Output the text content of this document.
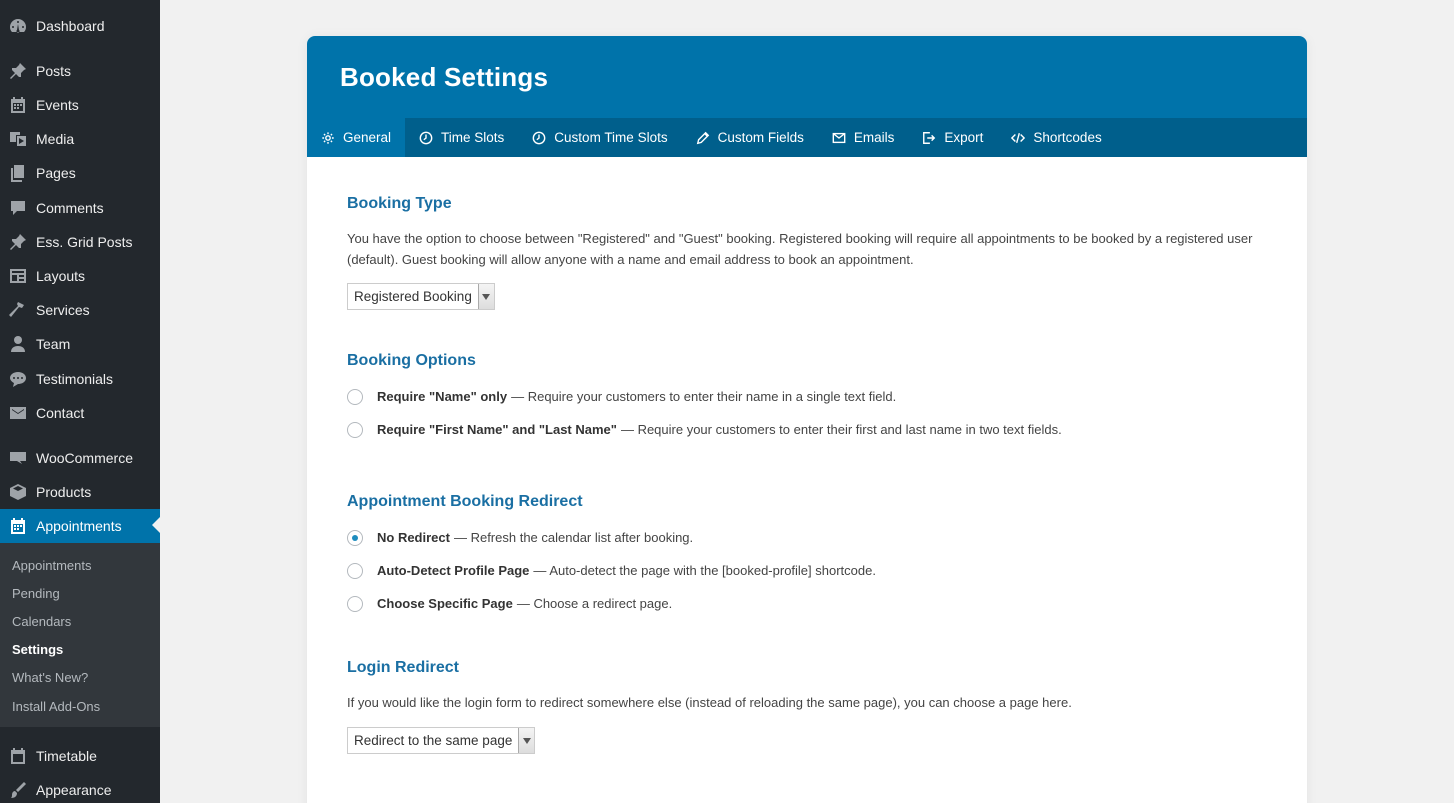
Dashboard
Posts
Events
Media
Pages
Comments
Ess. Grid Posts
Layouts
Services
Team
Testimonials
Contact
WooCommerce
Products
Appointments
Appointments
Pending
Calendars
Settings
What's New?
Install Add-Ons
Timetable
Appearance
Booked Settings
General	Time Slots	Custom Time Slots	Custom Fields	Emails	Export	Shortcodes
Booking Type

You have the option to choose between "Registered" and "Guest" booking. Registered booking will require all appointments to be booked by a registered user (default). Guest booking will allow anyone with a name and email address to book an appointment.

Registered Booking
Booking Options
Require "Name" only — Require your customers to enter their name in a single text field.
Require "First Name" and "Last Name" — Require your customers to enter their first and last name in two text fields.
Appointment Booking Redirect
No Redirect — Refresh the calendar list after booking.
Auto-Detect Profile Page — Auto-detect the page with the [booked-profile] shortcode.
Choose Specific Page — Choose a redirect page.
Login Redirect

If you would like the login form to redirect somewhere else (instead of reloading the same page), you can choose a page here.

Redirect to the same page
